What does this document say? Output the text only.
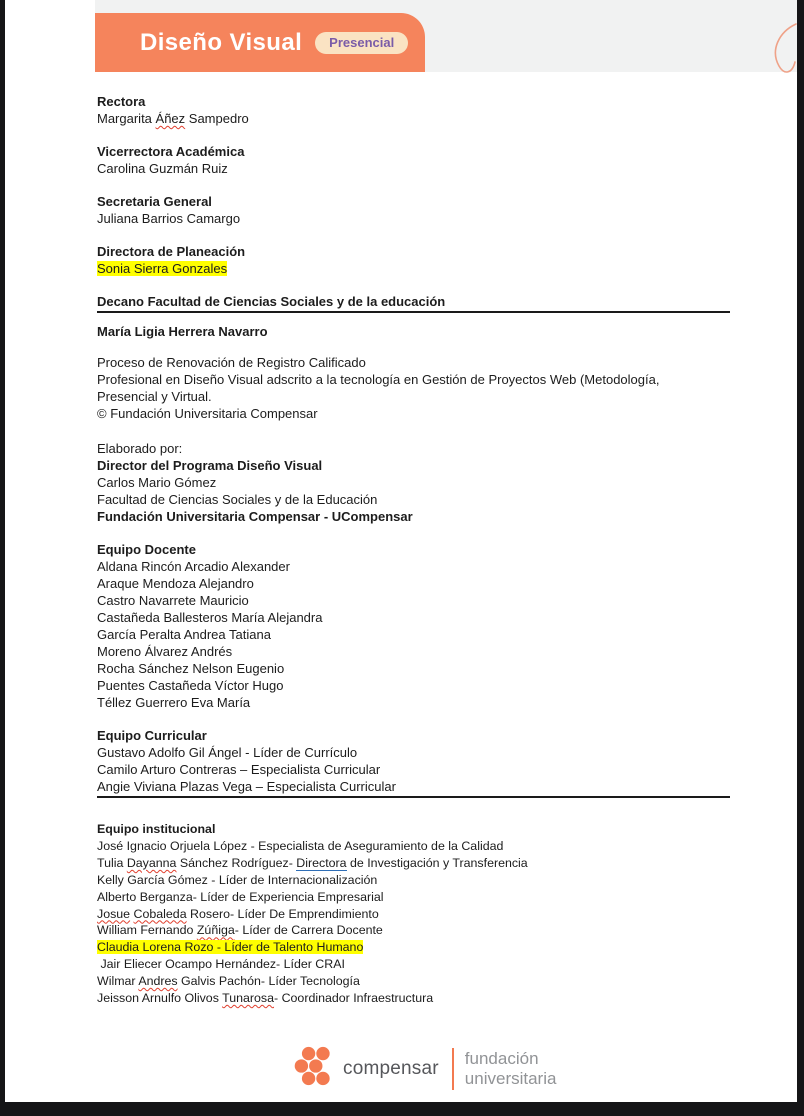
Diseño Visual	Presencial
Rectora
Margarita Áñez Sampedro
Vicerrectora Académica
Carolina Guzmán Ruiz
Secretaria General
Juliana Barrios Camargo
Directora de Planeación
Sonia Sierra Gonzales
Decano Facultad de Ciencias Sociales y de la educación
María Ligia Herrera Navarro
Proceso de Renovación de Registro Calificado
Profesional en Diseño Visual adscrito a la tecnología en Gestión de Proyectos Web (Metodología,
Presencial y Virtual.
© Fundación Universitaria Compensar
Elaborado por:
Director del Programa Diseño Visual
Carlos Mario Gómez
Facultad de Ciencias Sociales y de la Educación
Fundación Universitaria Compensar - UCompensar
Equipo Docente
Aldana Rincón Arcadio Alexander
Araque Mendoza Alejandro
Castro Navarrete Mauricio
Castañeda Ballesteros María Alejandra
García Peralta Andrea Tatiana
Moreno Álvarez Andrés
Rocha Sánchez Nelson Eugenio
Puentes Castañeda Víctor Hugo
Téllez Guerrero Eva María
Equipo Curricular
Gustavo Adolfo Gil Ángel - Líder de Currículo
Camilo Arturo Contreras – Especialista Curricular
Angie Viviana Plazas Vega – Especialista Curricular
Equipo institucional
José Ignacio Orjuela López - Especialista de Aseguramiento de la Calidad
Tulia Dayanna Sánchez Rodríguez- Directora de Investigación y Transferencia
Kelly García Gómez - Líder de Internacionalización
Alberto Berganza- Líder de Experiencia Empresarial
Josue Cobaleda Rosero- Líder De Emprendimiento
William Fernando Zúñiga- Líder de Carrera Docente
Claudia Lorena Rozo - Líder de Talento Humano
Jair Eliecer Ocampo Hernández- Líder CRAI
Wilmar Andres Galvis Pachón- Líder Tecnología
Jeisson Arnulfo Olivos Tunarosa- Coordinador Infraestructura
compensar fundación
universitaria
